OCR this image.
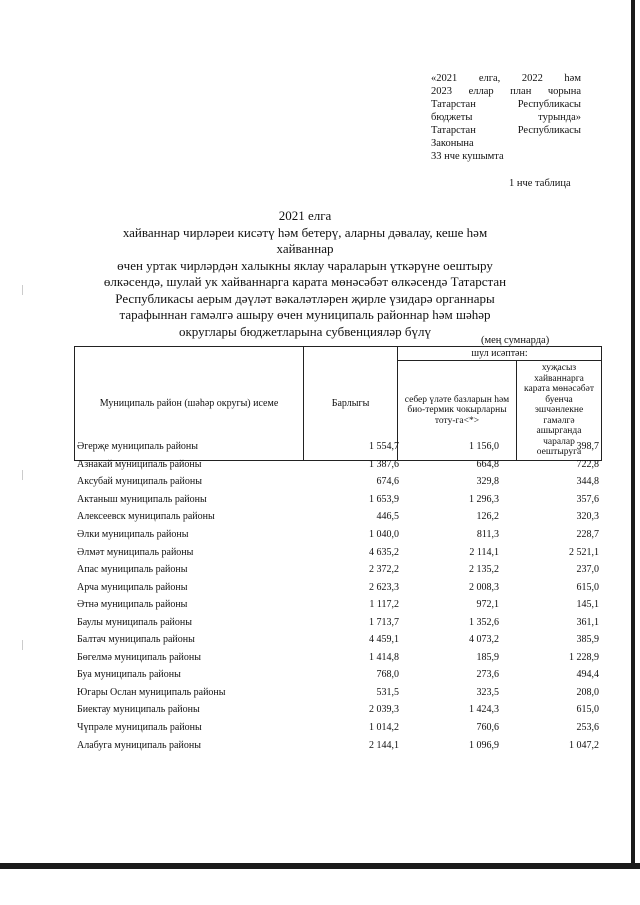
«2021 елга, 2022 һәм
2023 еллар план чорына
Татарстан Республикасы
бюджеты турында»
Татарстан Республикасы
Законына
33 нче кушымта
1 нче таблица
2021 елга
хайваннар чирләреи кисәтү һәм бетерү, аларны дәвалау, кеше һәм хайваннар
өчен уртак чирләрдән халыкны яклау чараларын үткәрүне оештыру
өлкәсендә, шулай ук хайваннарга карата мөнәсәбәт өлкәсендә Татарстан
Республикасы аерым дәүләт вәкаләтләрен җирле үзидарә органнары
тарафыннан гамәлгә ашыру өчен муниципаль районнар һәм шәһәр
округлары бюджетларына субвенцияләр бүлү
(мең сумнарда)
Муниципаль район (шәһәр округы) исеме	Барлыгы	шул исәптән:	
		себер үләте базларын һәм био-термик чокырларны тоту-га<*>	хуҗасыз хайваннарга карата мөнәсәбәт буенча эшчәнлекне гамәлгә ашырганда чаралар оештыруга
Әгерҗе муниципаль районы	1 554,7	1 156,0	398,7
Азнакай муниципаль районы	1 387,6	664,8	722,8
Аксубай муниципаль районы	674,6	329,8	344,8
Актаныш муниципаль районы	1 653,9	1 296,3	357,6
Алексеевск муниципаль районы	446,5	126,2	320,3
Әлки муниципаль районы	1 040,0	811,3	228,7
Әлмәт муниципаль районы	4 635,2	2 114,1	2 521,1
Апас муниципаль районы	2 372,2	2 135,2	237,0
Арча муниципаль районы	2 623,3	2 008,3	615,0
Әтнә муниципаль районы	1 117,2	972,1	145,1
Баулы муниципаль районы	1 713,7	1 352,6	361,1
Балтач муниципаль районы	4 459,1	4 073,2	385,9
Бөгелмә муниципаль районы	1 414,8	185,9	1 228,9
Буа муниципаль районы	768,0	273,6	494,4
Югары Ослан муниципаль районы	531,5	323,5	208,0
Биектау муниципаль районы	2 039,3	1 424,3	615,0
Чүпрәле муниципаль районы	1 014,2	760,6	253,6
Алабуга муниципаль районы	2 144,1	1 096,9	1 047,2
